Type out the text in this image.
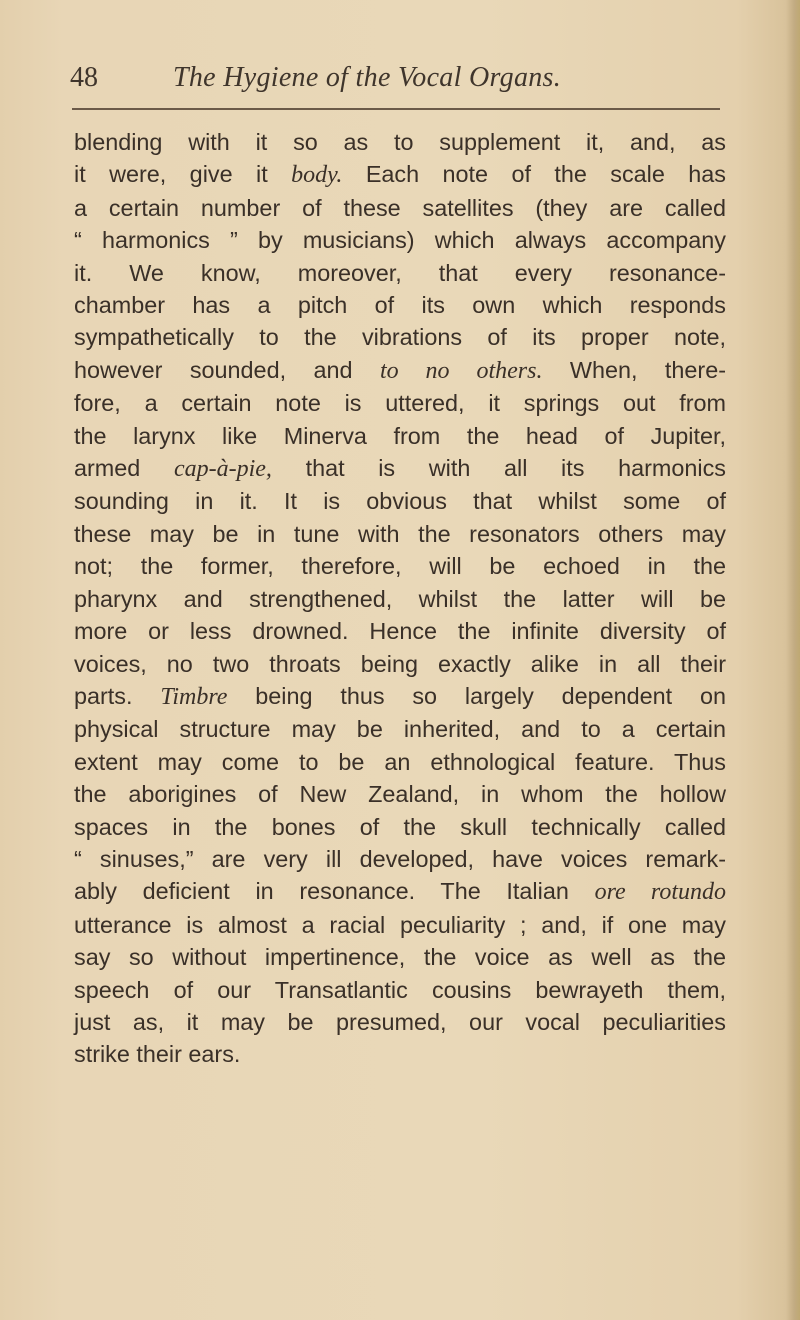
48	The Hygiene of the Vocal Organs.
blending with it so as to supplement it, and, as
it were, give it body. Each note of the scale has
a certain number of these satellites (they are called
“ harmonics ” by musicians) which always accompany
it. We know, moreover, that every resonance-
chamber has a pitch of its own which responds
sympathetically to the vibrations of its proper note,
however sounded, and to no others. When, there-
fore, a certain note is uttered, it springs out from
the larynx like Minerva from the head of Jupiter,
armed cap-à-pie, that is with all its harmonics
sounding in it. It is obvious that whilst some of
these may be in tune with the resonators others may
not; the former, therefore, will be echoed in the
pharynx and strengthened, whilst the latter will be
more or less drowned. Hence the infinite diversity of
voices, no two throats being exactly alike in all their
parts. Timbre being thus so largely dependent on
physical structure may be inherited, and to a certain
extent may come to be an ethnological feature. Thus
the aborigines of New Zealand, in whom the hollow
spaces in the bones of the skull technically called
“ sinuses,” are very ill developed, have voices remark-
ably deficient in resonance. The Italian ore rotundo
utterance is almost a racial peculiarity ; and, if one may
say so without impertinence, the voice as well as the
speech of our Transatlantic cousins bewrayeth them,
just as, it may be presumed, our vocal peculiarities
strike their ears.
